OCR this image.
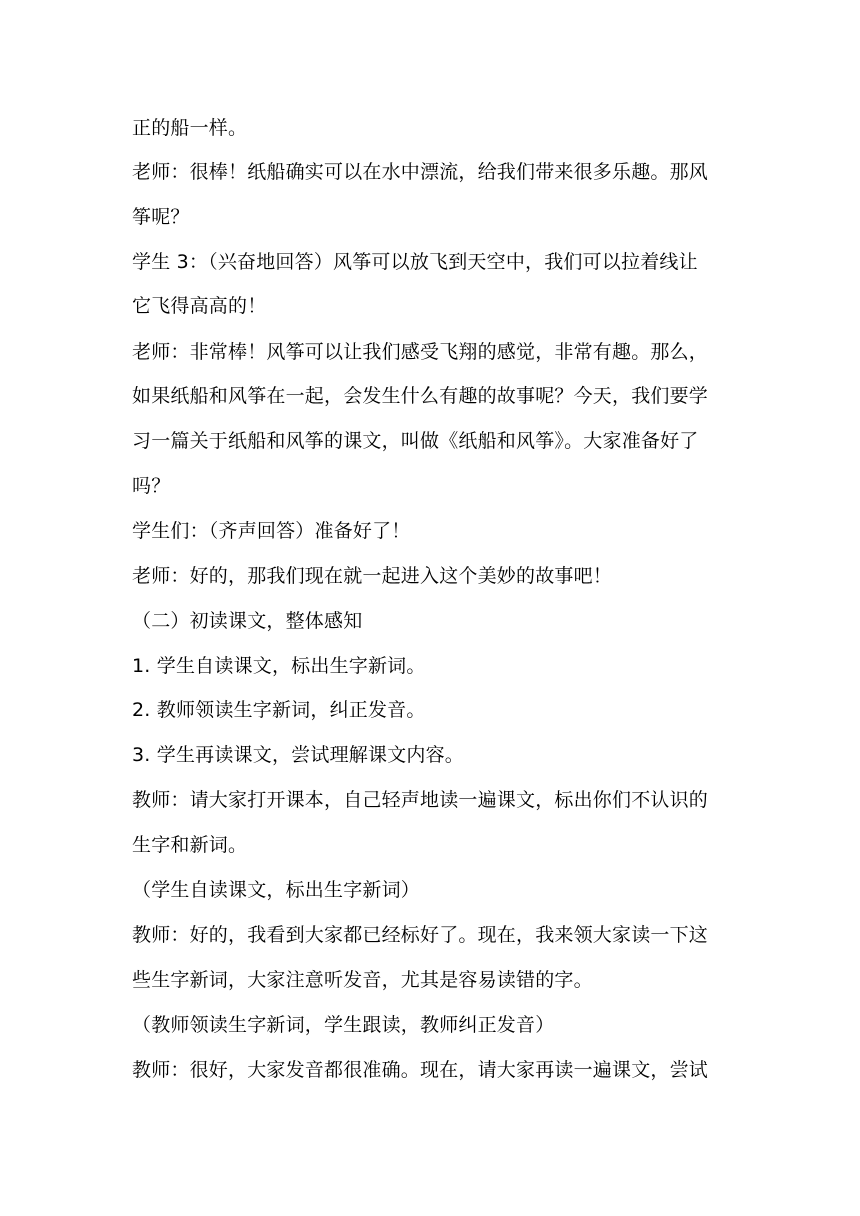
正的船一样。
老师：很棒！纸船确实可以在水中漂流，给我们带来很多乐趣。那风
筝呢？
学生 3：（兴奋地回答）风筝可以放飞到天空中，我们可以拉着线让
它飞得高高的！
老师：非常棒！风筝可以让我们感受飞翔的感觉，非常有趣。那么，
如果纸船和风筝在一起，会发生什么有趣的故事呢？今天，我们要学
习一篇关于纸船和风筝的课文，叫做《纸船和风筝》。大家准备好了
吗？
学生们：（齐声回答）准备好了！
老师：好的，那我们现在就一起进入这个美妙的故事吧！
（二）初读课文，整体感知
1. 学生自读课文，标出生字新词。
2. 教师领读生字新词，纠正发音。
3. 学生再读课文，尝试理解课文内容。
教师：请大家打开课本，自己轻声地读一遍课文，标出你们不认识的
生字和新词。
（学生自读课文，标出生字新词）
教师：好的，我看到大家都已经标好了。现在，我来领大家读一下这
些生字新词，大家注意听发音，尤其是容易读错的字。
（教师领读生字新词，学生跟读，教师纠正发音）
教师：很好，大家发音都很准确。现在，请大家再读一遍课文，尝试
